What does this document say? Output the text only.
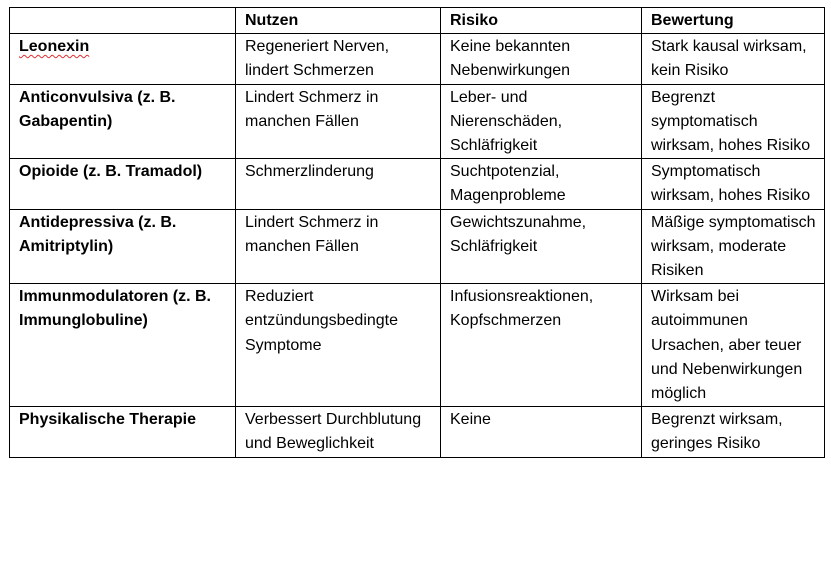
	Nutzen	Risiko	Bewertung
Leonexin	Regeneriert Nerven, lindert Schmerzen	Keine bekannten Nebenwirkungen	Stark kausal wirksam, kein Risiko
Anticonvulsiva (z. B. Gabapentin)	Lindert Schmerz in manchen Fällen	Leber- und Nierenschäden, Schläfrigkeit	Begrenzt symptomatisch wirksam, hohes Risiko
Opioide (z. B. Tramadol)	Schmerzlinderung	Suchtpotenzial, Magenprobleme	Symptomatisch wirksam, hohes Risiko
Antidepressiva (z. B. Amitriptylin)	Lindert Schmerz in manchen Fällen	Gewichtszunahme, Schläfrigkeit	Mäßige symptomatisch wirksam, moderate Risiken
Immunmodulatoren (z. B. Immunglobuline)	Reduziert entzündungsbedingte Symptome	Infusionsreaktionen, Kopfschmerzen	Wirksam bei autoimmunen Ursachen, aber teuer und Nebenwirkungen möglich
Physikalische Therapie	Verbessert Durchblutung und Beweglichkeit	Keine	Begrenzt wirksam, geringes Risiko
